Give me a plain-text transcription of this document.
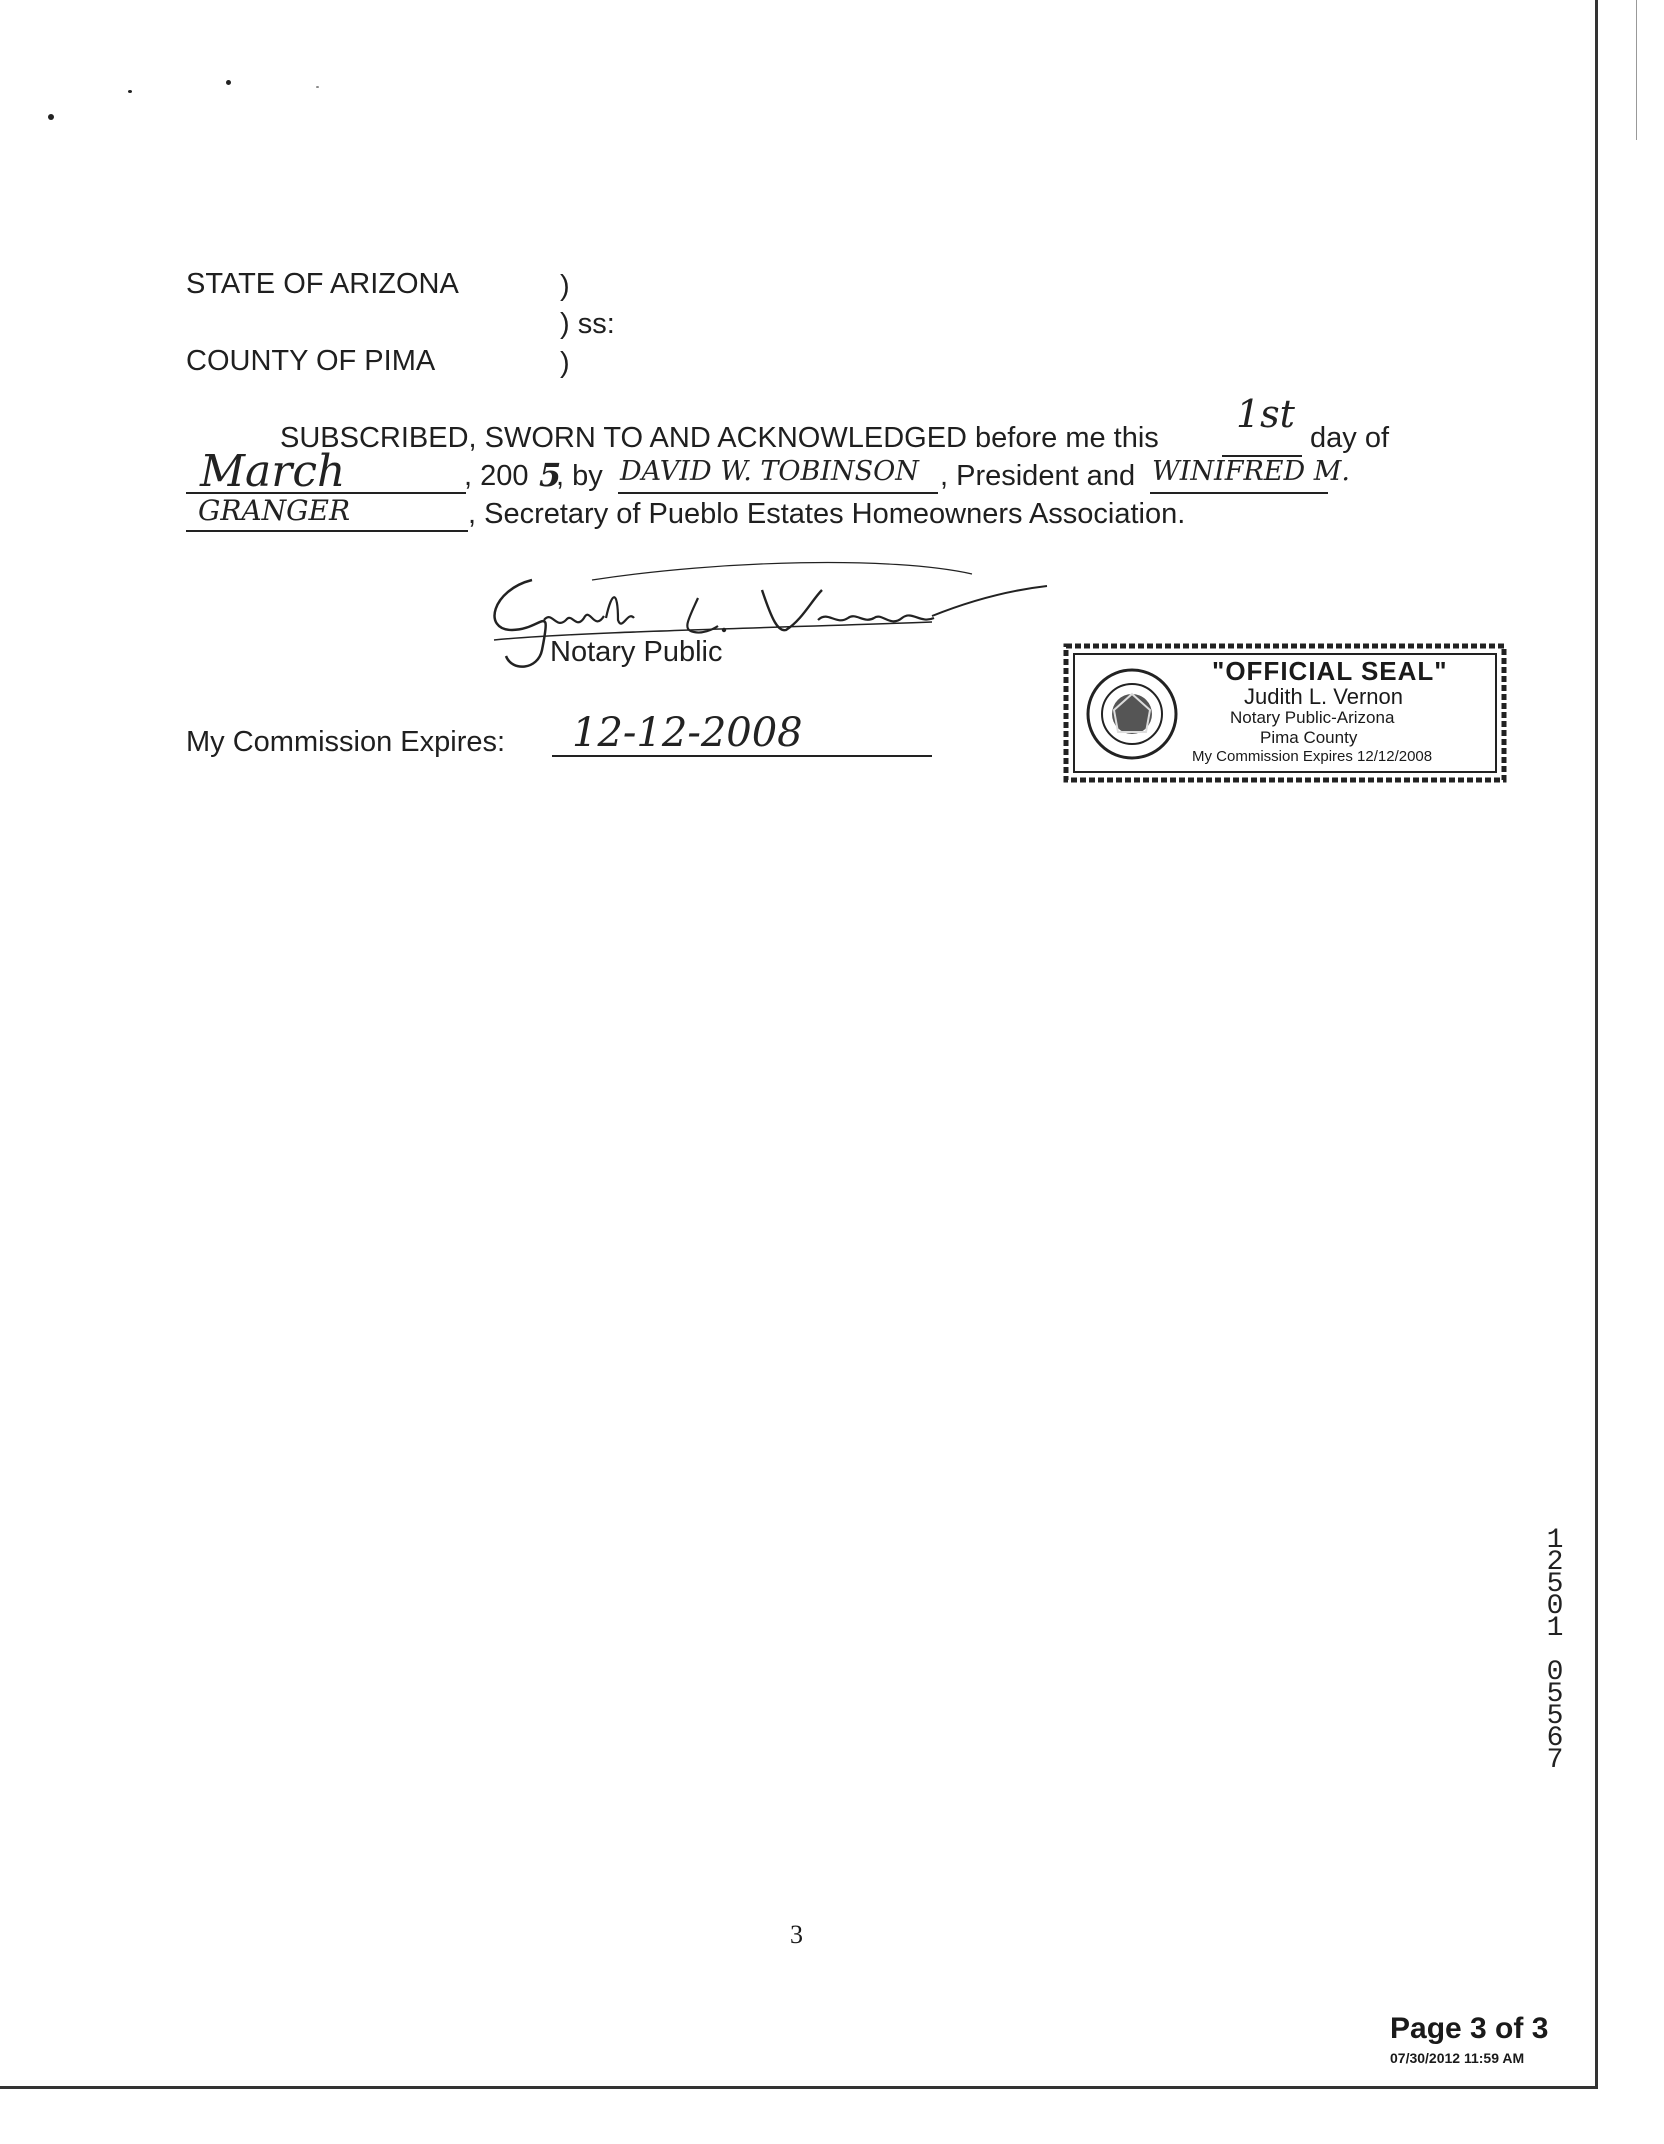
STATE OF ARIZONA	)
) ss:
COUNTY OF PIMA	)
SUBSCRIBED, SWORN TO AND ACKNOWLEDGED before me this
1st
day of
March	, 200 5
, by DAVID W. TOBINSON , President and WINIFRED M.
GRANGER	, Secretary of Pueblo Estates Homeowners Association.
Notary Public
My Commission Expires: 12-12-2008
"OFFICIAL SEAL"
Judith L. Vernon
Notary Public-Arizona
Pima County
My Commission Expires 12/12/2008
1
2
5
0
1
0
5
5
6
7
3
Page 3 of 3
07/30/2012 11:59 AM
